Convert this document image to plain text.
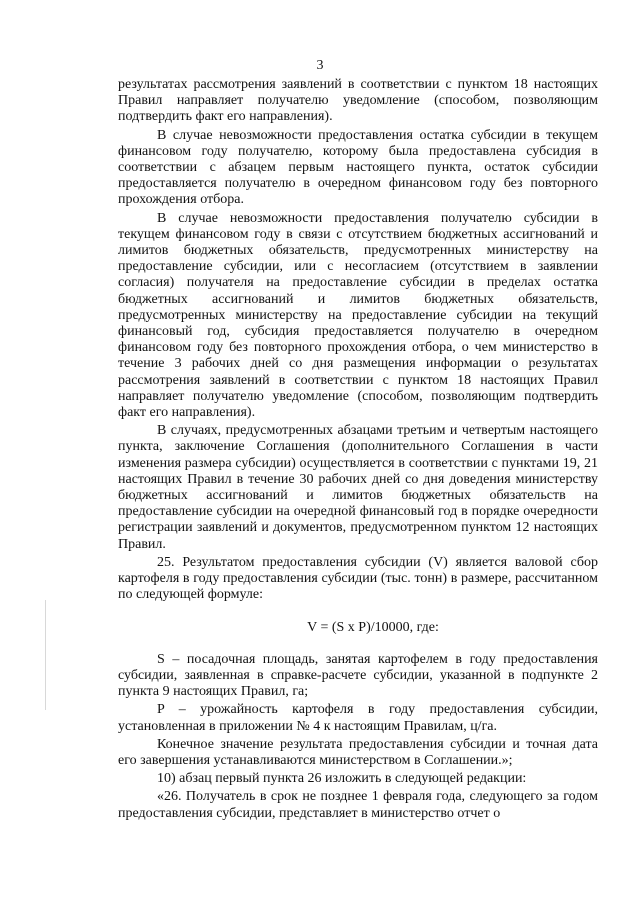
3

результатах рассмотрения заявлений в соответствии с пунктом 18 настоящих Правил направляет получателю уведомление (способом, позволяющим подтвердить факт его направления).

В случае невозможности предоставления остатка субсидии в текущем финансовом году получателю, которому была предоставлена субсидия в соответствии с абзацем первым настоящего пункта, остаток субсидии предоставляется получателю в очередном финансовом году без повторного прохождения отбора.

В случае невозможности предоставления получателю субсидии в текущем финансовом году в связи с отсутствием бюджетных ассигнований и лимитов бюджетных обязательств, предусмотренных министерству на предоставление субсидии, или с несогласием (отсутствием в заявлении согласия) получателя на предоставление субсидии в пределах остатка бюджетных ассигнований и лимитов бюджетных обязательств, предусмотренных министерству на предоставление субсидии на текущий финансовый год, субсидия предоставляется получателю в очередном финансовом году без повторного прохождения отбора, о чем министерство в течение 3 рабочих дней со дня размещения информации о результатах рассмотрения заявлений в соответствии с пунктом 18 настоящих Правил направляет получателю уведомление (способом, позволяющим подтвердить факт его направления).

В случаях, предусмотренных абзацами третьим и четвертым настоящего пункта, заключение Соглашения (дополнительного Соглашения в части изменения размера субсидии) осуществляется в соответствии с пунктами 19, 21 настоящих Правил в течение 30 рабочих дней со дня доведения министерству бюджетных ассигнований и лимитов бюджетных обязательств на предоставление субсидии на очередной финансовый год в порядке очередности регистрации заявлений и документов, предусмотренном пунктом 12 настоящих Правил.

25. Результатом предоставления субсидии (V) является валовой сбор картофеля в году предоставления субсидии (тыс. тонн) в размере, рассчитанном по следующей формуле:

V = (S x P)/10000, где:

S – посадочная площадь, занятая картофелем в году предоставления субсидии, заявленная в справке-расчете субсидии, указанной в подпункте 2 пункта 9 настоящих Правил, га;

P – урожайность картофеля в году предоставления субсидии, установленная в приложении № 4 к настоящим Правилам, ц/га.

Конечное значение результата предоставления субсидии и точная дата его завершения устанавливаются министерством в Соглашении.»;

10) абзац первый пункта 26 изложить в следующей редакции:

«26. Получатель в срок не позднее 1 февраля года, следующего за годом предоставления субсидии, представляет в министерство отчет о
